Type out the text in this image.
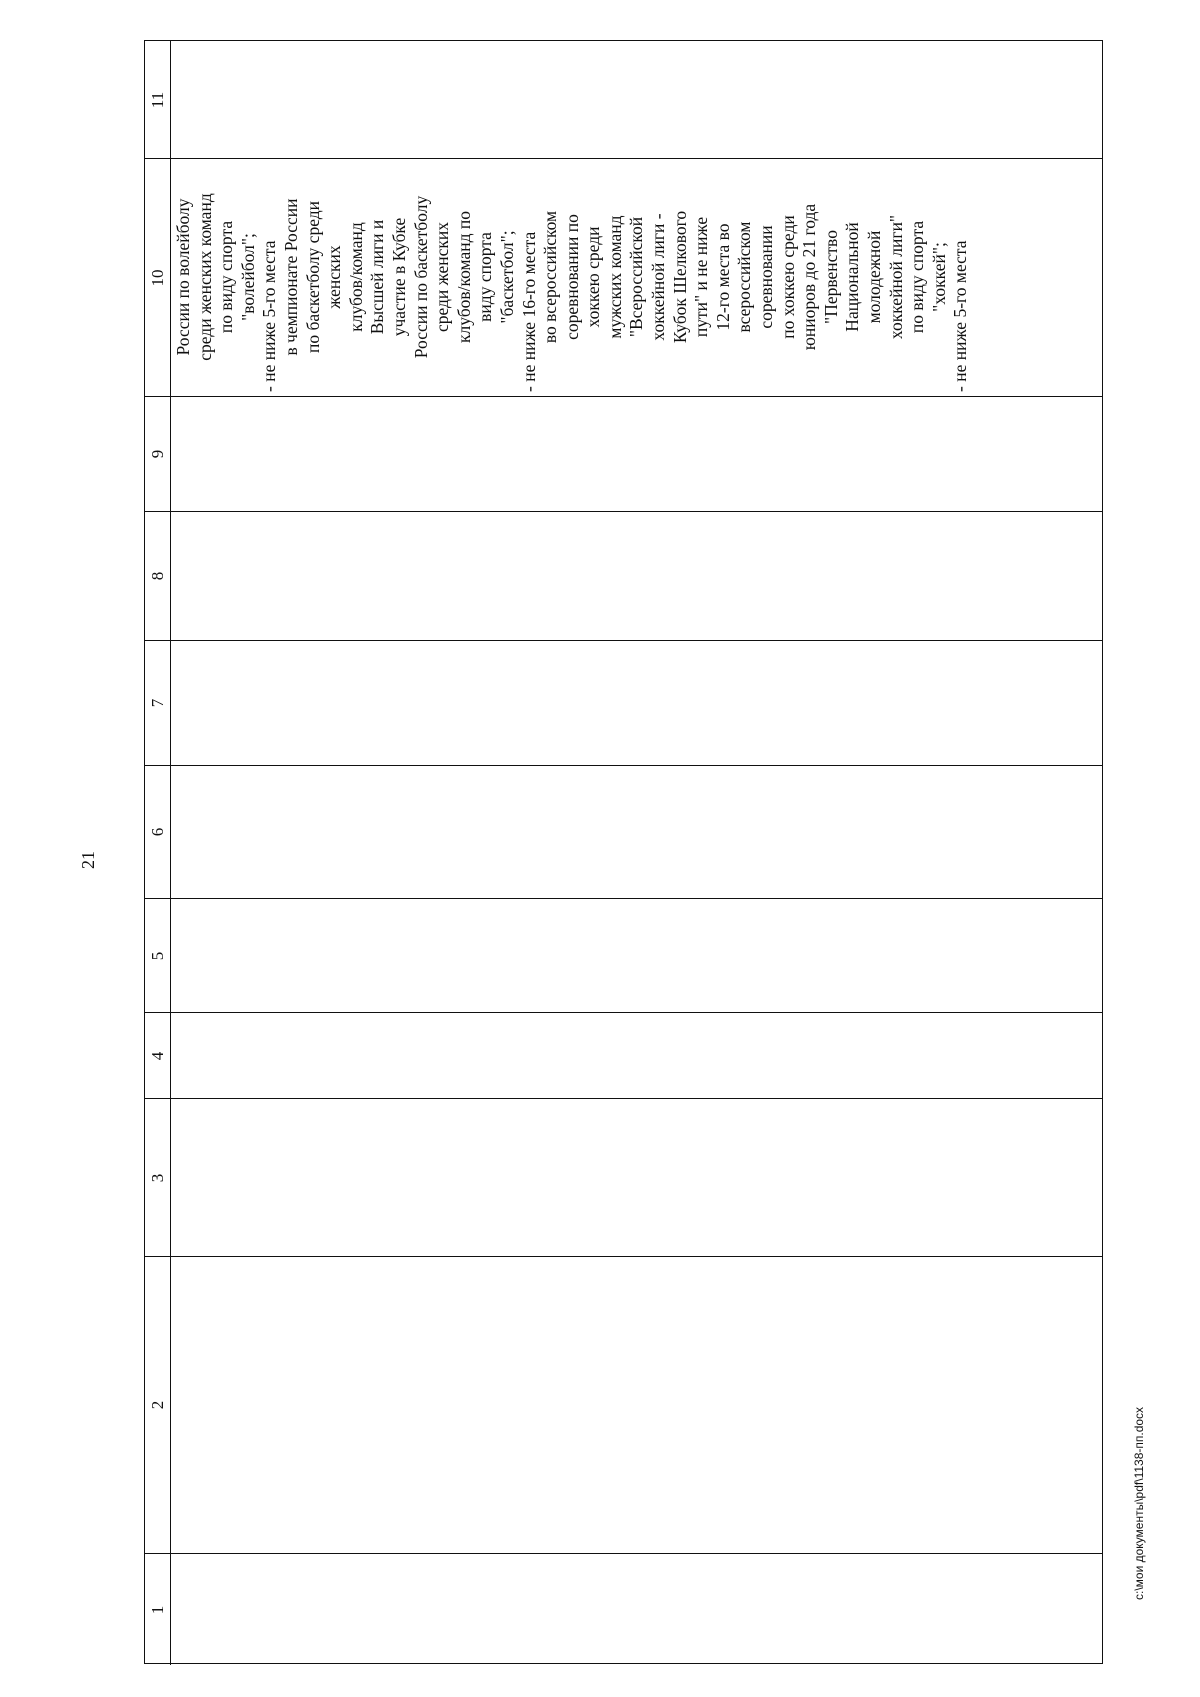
21
11
10 России по волейболу среди женских команд по виду спорта "волейбол"; - не ниже 5-го места в чемпионате России по баскетболу среди женских клубов/команд Высшей лиги и участие в Кубке России по баскетболу среди женских клубов/команд по виду спорта "баскетбол"; - не ниже 16-го места во всероссийском соревновании по хоккею среди мужских команд "Всероссийской хоккейной лиги - Кубок Шелкового пути" и не ниже 12-го места во всероссийском соревновании по хоккею среди юниоров до 21 года "Первенство Национальной молодежной хоккейной лиги" по виду спорта "хоккей"; - не ниже 5-го места
9
8
7
6
5
4
3
2
1
c:\мои документы\pdf\1138-пп.docx
